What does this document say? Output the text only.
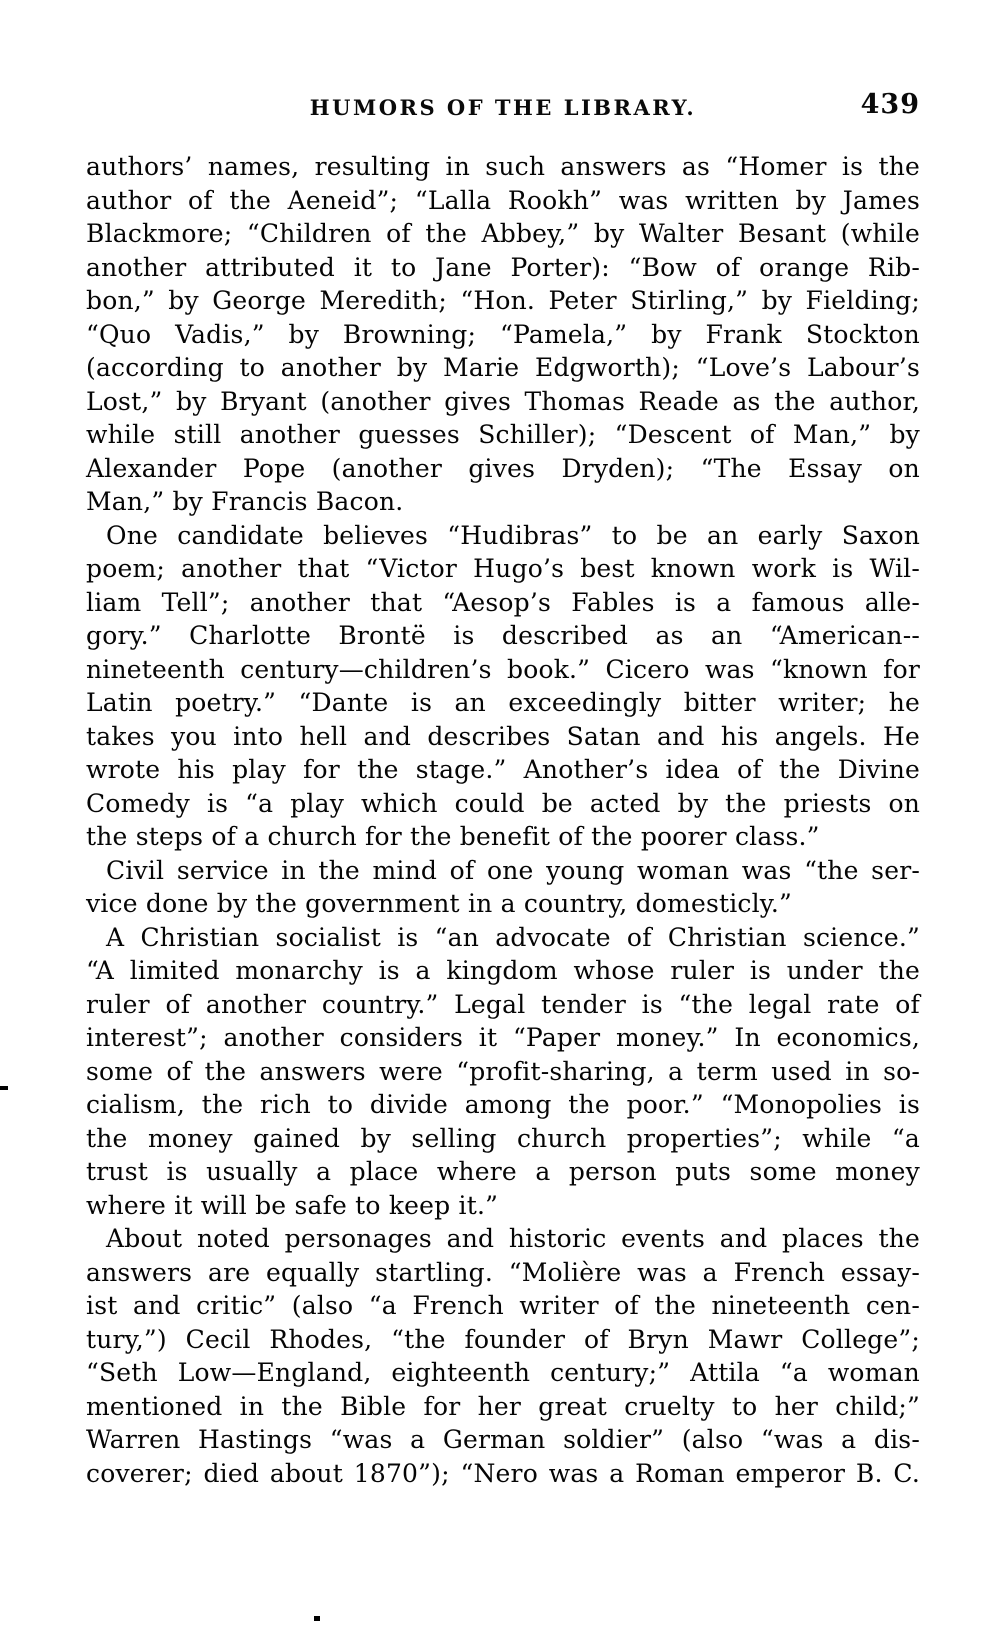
HUMORS OF THE LIBRARY.	439
authors’ names, resulting in such answers as “Homer is the
author of the Aeneid”; “Lalla Rookh” was written by James
Blackmore; “Children of the Abbey,” by Walter Besant (while
another attributed it to Jane Porter): “Bow of orange Rib-
bon,” by George Meredith; “Hon. Peter Stirling,” by Fielding;
“Quo Vadis,” by Browning; “Pamela,” by Frank Stockton
(according to another by Marie Edgworth); “Love’s Labour’s
Lost,” by Bryant (another gives Thomas Reade as the author,
while still another guesses Schiller); “Descent of Man,” by
Alexander Pope (another gives Dryden); “The Essay on
Man,” by Francis Bacon.
One candidate believes “Hudibras” to be an early Saxon
poem; another that “Victor Hugo’s best known work is Wil-
liam Tell”; another that “Aesop’s Fables is a famous alle-
gory.” Charlotte Brontë is described as an “American--
nineteenth century—children’s book.” Cicero was “known for
Latin poetry.” “Dante is an exceedingly bitter writer; he
takes you into hell and describes Satan and his angels. He
wrote his play for the stage.” Another’s idea of the Divine
Comedy is “a play which could be acted by the priests on
the steps of a church for the benefit of the poorer class.”
Civil service in the mind of one young woman was “the ser-
vice done by the government in a country, domesticly.”
A Christian socialist is “an advocate of Christian science.”
“A limited monarchy is a kingdom whose ruler is under the
ruler of another country.” Legal tender is “the legal rate of
interest”; another considers it “Paper money.” In economics,
some of the answers were “profit-sharing, a term used in so-
cialism, the rich to divide among the poor.” “Monopolies is
the money gained by selling church properties”; while “a
trust is usually a place where a person puts some money
where it will be safe to keep it.”
About noted personages and historic events and places the
answers are equally startling. “Molière was a French essay-
ist and critic” (also “a French writer of the nineteenth cen-
tury,”) Cecil Rhodes, “the founder of Bryn Mawr College”;
“Seth Low—England, eighteenth century;” Attila “a woman
mentioned in the Bible for her great cruelty to her child;”
Warren Hastings “was a German soldier” (also “was a dis-
coverer; died about 1870”); “Nero was a Roman emperor B. C.
